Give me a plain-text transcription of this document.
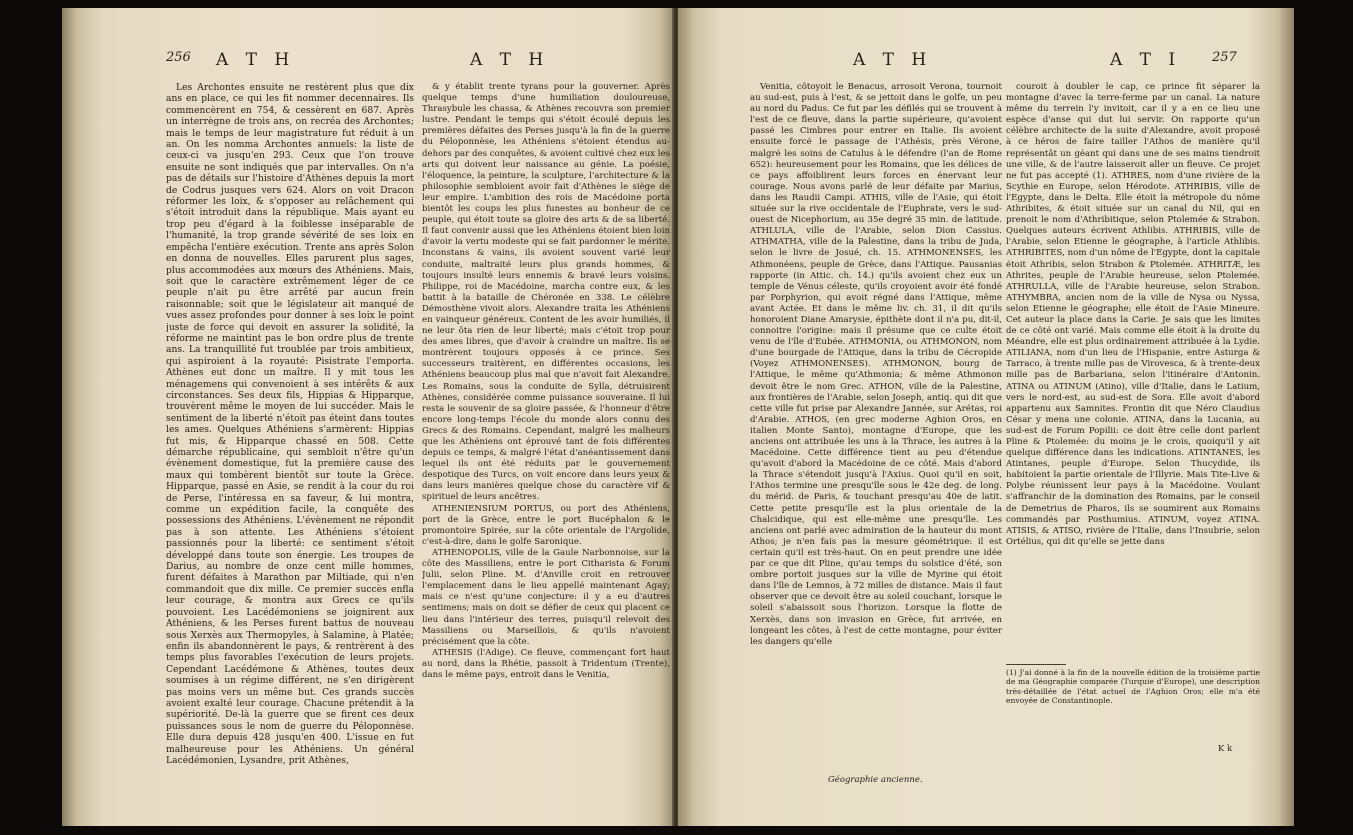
256 A T H	A T H

Les Archontes ensuite ne restèrent plus que dix ans en place, ce qui les fit nommer decennaires. Ils commencèrent en 754, & cessèrent en 687. Après un interrègne de trois ans, on recréa des Archontes; mais le temps de leur magistrature fut réduit à un an. On les nomma Archontes annuels: la liste de ceux-ci va jusqu'en 293. Ceux que l'on trouve ensuite ne sont indiqués que par intervalles. On n'a pas de détails sur l'histoire d'Athènes depuis la mort de Codrus jusques vers 624. Alors on voit Dracon réformer les loix, & s'opposer au relâchement qui s'étoit introduit dans la république. Mais ayant eu trop peu d'égard à la foiblesse inséparable de l'humanité, la trop grande sévérité de ses loix en empêcha l'entière exécution. Trente ans après Solon en donna de nouvelles. Elles parurent plus sages, plus accommodées aux mœurs des Athéniens. Mais, soit que le caractère extrêmement léger de ce peuple n'ait pu être arrêté par aucun frein raisonnable; soit que le législateur ait manqué de vues assez profondes pour donner à ses loix le point juste de force qui devoit en assurer la solidité, la réforme ne maintint pas le bon ordre plus de trente ans. La tranquillité fut troublée par trois ambitieux, qui aspiroient à la royauté: Pisistrate l'emporta. Athènes eut donc un maître. Il y mit tous les ménagemens qui convenoient à ses intérêts & aux circonstances. Ses deux fils, Hippias & Hipparque, trouvèrent même le moyen de lui succéder. Mais le sentiment de la liberté n'étoit pas éteint dans toutes les ames. Quelques Athéniens s'armèrent: Hippias fut mis, & Hipparque chassé en 508. Cette démarche républicaine, qui sembloit n'être qu'un évènement domestique, fut la première cause des maux qui tombèrent bientôt sur toute la Grèce. Hipparque, passé en Asie, se rendit à la cour du roi de Perse, l'intéressa en sa faveur, & lui montra, comme un expédition facile, la conquête des possessions des Athéniens. L'évènement ne répondit pas à son attente. Les Athéniens s'étoient passionnés pour la liberté: ce sentiment s'étoit développé dans toute son énergie. Les troupes de Darius, au nombre de onze cent mille hommes, furent défaites à Marathon par Miltiade, qui n'en commandoit que dix mille. Ce premier succès enfla leur courage, & montra aux Grecs ce qu'ils pouvoient. Les Lacédémoniens se joignirent aux Athéniens, & les Perses furent battus de nouveau sous Xerxès aux Thermopyles, à Salamine, à Platée; enfin ils abandonnèrent le pays, & rentrèrent à des temps plus favorables l'exécution de leurs projets. Cependant Lacédémone & Athènes, toutes deux soumises à un régime différent, ne s'en dirigèrent pas moins vers un même but. Ces grands succès avoient exalté leur courage. Chacune prétendit à la supériorité. De-là la guerre que se firent ces deux puissances sous le nom de guerre du Péloponnèse. Elle dura depuis 428 jusqu'en 400. L'issue en fut malheureuse pour les Athéniens. Un général Lacédémonien, Lysandre, prit Athènes,

& y établit trente tyrans pour la gouverner. Après quelque temps d'une humiliation douloureuse, Thrasybule les chassa, & Athènes recouvra son premier lustre. Pendant le temps qui s'étoit écoulé depuis les premières défaites des Perses jusqu'à la fin de la guerre du Péloponnèse, les Athéniens s'étoient étendus au-dehors par des conquêtes, & avoient cultivé chez eux les arts qui doivent leur naissance au génie. La poésie, l'éloquence, la peinture, la sculpture, l'architecture & la philosophie sembloient avoir fait d'Athènes le siège de leur empire. L'ambition des rois de Macédoine porta bientôt les coups les plus funestes au bonheur de ce peuple, qui étoit toute sa gloire des arts & de sa liberté. Il faut convenir aussi que les Athéniens étoient bien loin d'avoir la vertu modeste qui se fait pardonner le mérite. Inconstans & vains, ils avoient souvent varié leur conduite, maltraité leurs plus grands hommes, & toujours insulté leurs ennemis & bravé leurs voisins. Philippe, roi de Macédoine, marcha contre eux, & les battit à la bataille de Chéronée en 338. Le célèbre Démosthène vivoit alors. Alexandre traita les Athéniens en vainqueur généreux. Content de les avoir humiliés, il ne leur ôta rien de leur liberté; mais c'étoit trop pour des ames libres, que d'avoir à craindre un maître. Ils se montrèrent toujours opposés à ce prince. Ses successeurs traitèrent, en différentes occasions, les Athéniens beaucoup plus mal que n'avoit fait Alexandre. Les Romains, sous la conduite de Sylla, détruisirent Athènes, considérée comme puissance souveraine. Il lui resta le souvenir de sa gloire passée, & l'honneur d'être encore long-temps l'école du monde alors connu des Grecs & des Romains. Cependant, malgré les malheurs que les Athéniens ont éprouvé tant de fois différentes depuis ce temps, & malgré l'état d'anéantissement dans lequel ils ont été réduits par le gouvernement despotique des Turcs, on voit encore dans leurs yeux & dans leurs manières quelque chose du caractère vif & spirituel de leurs ancêtres.

ATHENIENSIUM PORTUS, ou port des Athéniens, port de la Grèce, entre le port Bucéphalon & le promontoire Spirée, sur la côte orientale de l'Argolide, c'est-à-dire, dans le golfe Saronique.

ATHENOPOLIS, ville de la Gaule Narbonnoise, sur la côte des Massiliens, entre le port Citharista & Forum Julii, selon Pline. M. d'Anville croit en retrouver l'emplacement dans le lieu appellé maintenant Agay; mais ce n'est qu'une conjecture: il y a eu d'autres sentimens; mais on doit se défier de ceux qui placent ce lieu dans l'intérieur des terres, puisqu'il relevoit des Massiliens ou Marseillois, & qu'ils n'avoient précisément que la côte.

ATHESIS (l'Adige). Ce fleuve, commençant fort haut au nord, dans la Rhétie, passoit à Tridentum (Trente), dans le même pays, entroit dans le Venitia,

A T H	A T I 257

Venitia, côtoyoit le Benacus, arrosoit Verona, tournoit au sud-est, puis à l'est, & se jettoit dans le golfe, un peu au nord du Padus. Ce fut par les défilés qui se trouvent à l'est de ce fleuve, dans la partie supérieure, qu'avoient passé les Cimbres pour entrer en Italie. Ils avoient ensuite forcé le passage de l'Athésis, près Vérone, malgré les soins de Catulus à le défendre (l'an de Rome 652): heureusement pour les Romains, que les délices de ce pays affoiblirent leurs forces en énervant leur courage. Nous avons parlé de leur défaite par Marius, dans les Raudii Campi. ATHIS, ville de l'Asie, qui étoit située sur la rive occidentale de l'Euphrate, vers le sud-ouest de Nicephorium, au 35e degré 35 min. de latitude. ATHLULA, ville de l'Arabie, selon Dion Cassius. ATHMATHA, ville de la Palestine, dans la tribu de Juda, selon le livre de Josué, ch. 15. ATHMONENSES, les Athmonéens, peuple de Grèce, dans l'Attique. Pausanias rapporte (in Attic. ch. 14.) qu'ils avoient chez eux un temple de Vénus céleste, qu'ils croyoient avoir été fondé par Porphyrion, qui avoit régné dans l'Attique, même avant Actée. Et dans le même liv. ch. 31, il dit qu'ils honoroient Diane Amarysie, épithète dont il n'a pu, dit-il, connoitre l'origine: mais il présume que ce culte étoit venu de l'île d'Eubée. ATHMONIA, ou ATHMONON, nom d'une bourgade de l'Attique, dans la tribu de Cécropide (Voyez ATHMONENSES). ATHMONON, bourg de l'Attique, le même qu'Athmonia; & même Athmonon devoit être le nom Grec. ATHON, ville de la Palestine, aux frontières de l'Arabie, selon Joseph, antiq. qui dit que cette ville fut prise par Alexandre Jannée, sur Arétas, roi d'Arabie. ATHOS, (en grec moderne Aghion Oros, en italien Monte Santo), montagne d'Europe, que les anciens ont attribuée les uns à la Thrace, les autres à la Macédoine. Cette différence tient au peu d'étendue qu'avoit d'abord la Macédoine de ce côté. Mais d'abord la Thrace s'étendoit jusqu'à l'Axius. Quoi qu'il en soit, l'Athos termine une presqu'île sous le 42e deg. de long. du mérid. de Paris, & touchant presqu'au 40e de latit. Cette petite presqu'île est la plus orientale de la Chalcidique, qui est elle-même une presqu'île. Les anciens ont parlé avec admiration de la hauteur du mont Athos; je n'en fais pas la mesure géométrique: il est certain qu'il est très-haut. On en peut prendre une idée par ce que dit Pline, qu'au temps du solstice d'été, son ombre portoit jusques sur la ville de Myrine qui étoit dans l'île de Lemnos, à 72 milles de distance. Mais il faut observer que ce devoit être au soleil couchant, lorsque le soleil s'abaissoit sous l'horizon. Lorsque la flotte de Xerxès, dans son invasion en Grèce, fut arrivée, en longeant les côtes, à l'est de cette montagne, pour éviter les dangers qu'elle

Géographie ancienne.

couroit à doubler le cap, ce prince fit séparer la montagne d'avec la terre-ferme par un canal. La nature même du terrein l'y invitoit, car il y a en ce lieu une espèce d'anse qui dut lui servir. On rapporte qu'un célèbre architecte de la suite d'Alexandre, avoit proposé à ce héros de faire tailler l'Athos de manière qu'il représentât un géant qui dans une de ses mains tiendroit une ville, & de l'autre laisseroit aller un fleuve. Ce projet ne fut pas accepté (1). ATHRES, nom d'une rivière de la Scythie en Europe, selon Hérodote. ATHRIBIS, ville de l'Egypte, dans le Delta. Elle étoit la métropole du nôme Athribites, & étoit située sur un canal du Nil, qui en prenoit le nom d'Athribitique, selon Ptolemée & Strabon. Quelques auteurs écrivent Athlibis. ATHRIBIS, ville de l'Arabie, selon Etienne le géographe, à l'article Athlibis. ATHRIBITES, nom d'un nôme de l'Egypte, dont la capitale étoit Athribis, selon Strabon & Ptolemée. ATHRITÆ, les Athrites, peuple de l'Arabie heureuse, selon Ptolemée. ATHRULLA, ville de l'Arabie heureuse, selon Strabon. ATHYMBRA, ancien nom de la ville de Nysa ou Nyssa, selon Etienne le géographe; elle étoit de l'Asie Mineure. Cet auteur la place dans la Carie. Je sais que les limites de ce côté ont varié. Mais comme elle étoit à la droite du Méandre, elle est plus ordinairement attribuée à la Lydie. ATILIANA, nom d'un lieu de l'Hispanie, entre Asturga & Tarraco, à trente mille pas de Virovesca, & à trente-deux mille pas de Barbariana, selon l'itinéraire d'Antonin. ATINA ou ATINUM (Atino), ville d'Italie, dans le Latium, vers le nord-est, au sud-est de Sora. Elle avoit d'abord appartenu aux Samnites. Frontin dit que Néro Claudius César y mena une colonie. ATINA, dans la Lucania, au sud-est de Forum Popilii: ce doit être celle dont parlent Pline & Ptolemée: du moins je le crois, quoiqu'il y ait quelque différence dans les indications. ATINTANES, les Atintanes, peuple d'Europe. Selon Thucydide, ils habitoient la partie orientale de l'Illyrie. Mais Tite-Live & Polybe réunissent leur pays à la Macédoine. Voulant s'affranchir de la domination des Romains, par le conseil de Demetrius de Pharos, ils se soumirent aux Romains commandés par Posthumius. ATINUM, voyez ATINA. ATISIS, & ATISO, rivière de l'Italie, dans l'Insubrie, selon Ortélius, qui dit qu'elle se jette dans

(1) J'ai donné à la fin de la nouvelle édition de la troisième partie de ma Géographie comparée (Turquie d'Europe), une description très-détaillée de l'état actuel de l'Aghion Oros; elle m'a été envoyée de Constantinople.
K k
